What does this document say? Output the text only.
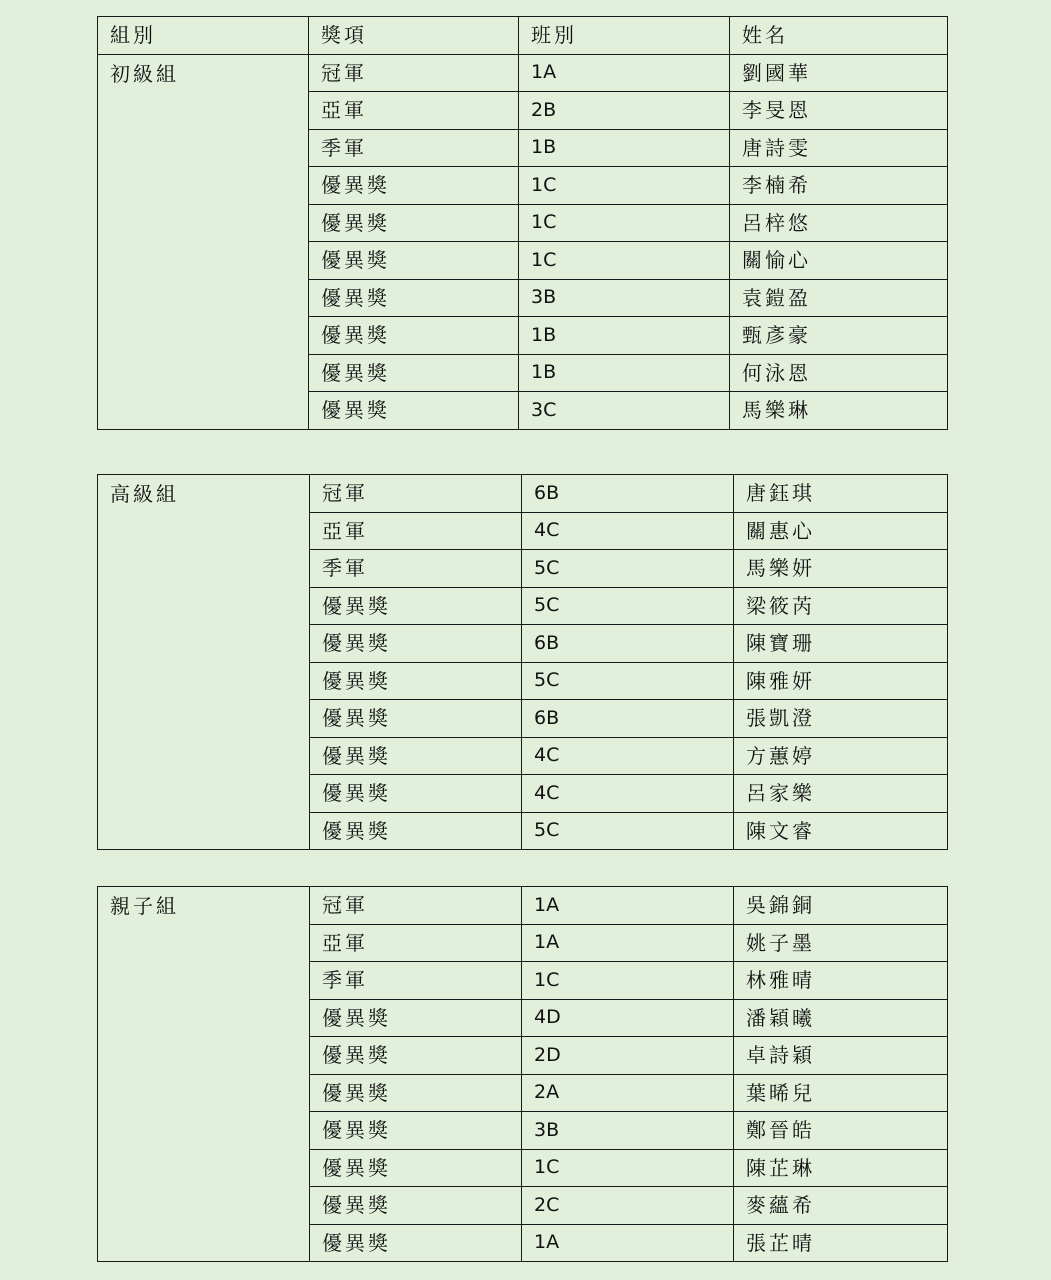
組別	獎項	班別	姓名
初級組	冠軍	1A	劉國華
	亞軍	2B	李旻恩
	季軍	1B	唐詩雯
	優異獎	1C	李楠希
	優異獎	1C	呂梓悠
	優異獎	1C	關愉心
	優異獎	3B	袁鎧盈
	優異獎	1B	甄彥豪
	優異獎	1B	何泳恩
	優異獎	3C	馬樂琳
高級組	冠軍	6B	唐鈺琪
	亞軍	4C	關惠心
	季軍	5C	馬樂妍
	優異獎	5C	梁筱芮
	優異獎	6B	陳寶珊
	優異獎	5C	陳雅妍
	優異獎	6B	張凱澄
	優異獎	4C	方蕙婷
	優異獎	4C	呂家樂
	優異獎	5C	陳文睿
親子組	冠軍	1A	吳錦銅
	亞軍	1A	姚子墨
	季軍	1C	林雅晴
	優異獎	4D	潘穎曦
	優異獎	2D	卓詩穎
	優異獎	2A	葉晞兒
	優異獎	3B	鄭晉皓
	優異獎	1C	陳芷琳
	優異獎	2C	麥蘊希
	優異獎	1A	張芷晴
